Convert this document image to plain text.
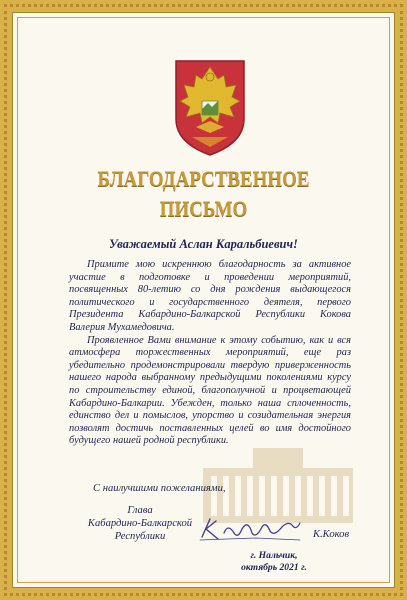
БЛАГОДАРСТВЕННОЕ
ПИСЬМО
Уважаемый Аслан Каральбиевич!

Примите мою искреннюю благодарность за активное участие в подготовке и проведении мероприятий, посвященных 80-летию со дня рождения выдающегося политического и государственного деятеля, первого Президента Кабардино-Балкарской Республики Кокова Валерия Мухамедовича.

Проявленное Вами внимание к этому событию, как и вся атмосфера торжественных мероприятий, еще раз убедительно продемонстрировали твердую приверженность нашего народа выбранному предыдущими поколениями курсу по строительству единой, благополучной и процветающей Кабардино-Балкарии. Убежден, только наша сплоченность, единство дел и помыслов, упорство и созидательная энергия позволят достичь поставленных целей во имя достойного будущего нашей родной республики.

С наилучшими пожеланиями,
Глава
Кабардино-Балкарской
Республики	К.Коков
г. Нальчик,
октябрь 2021 г.
